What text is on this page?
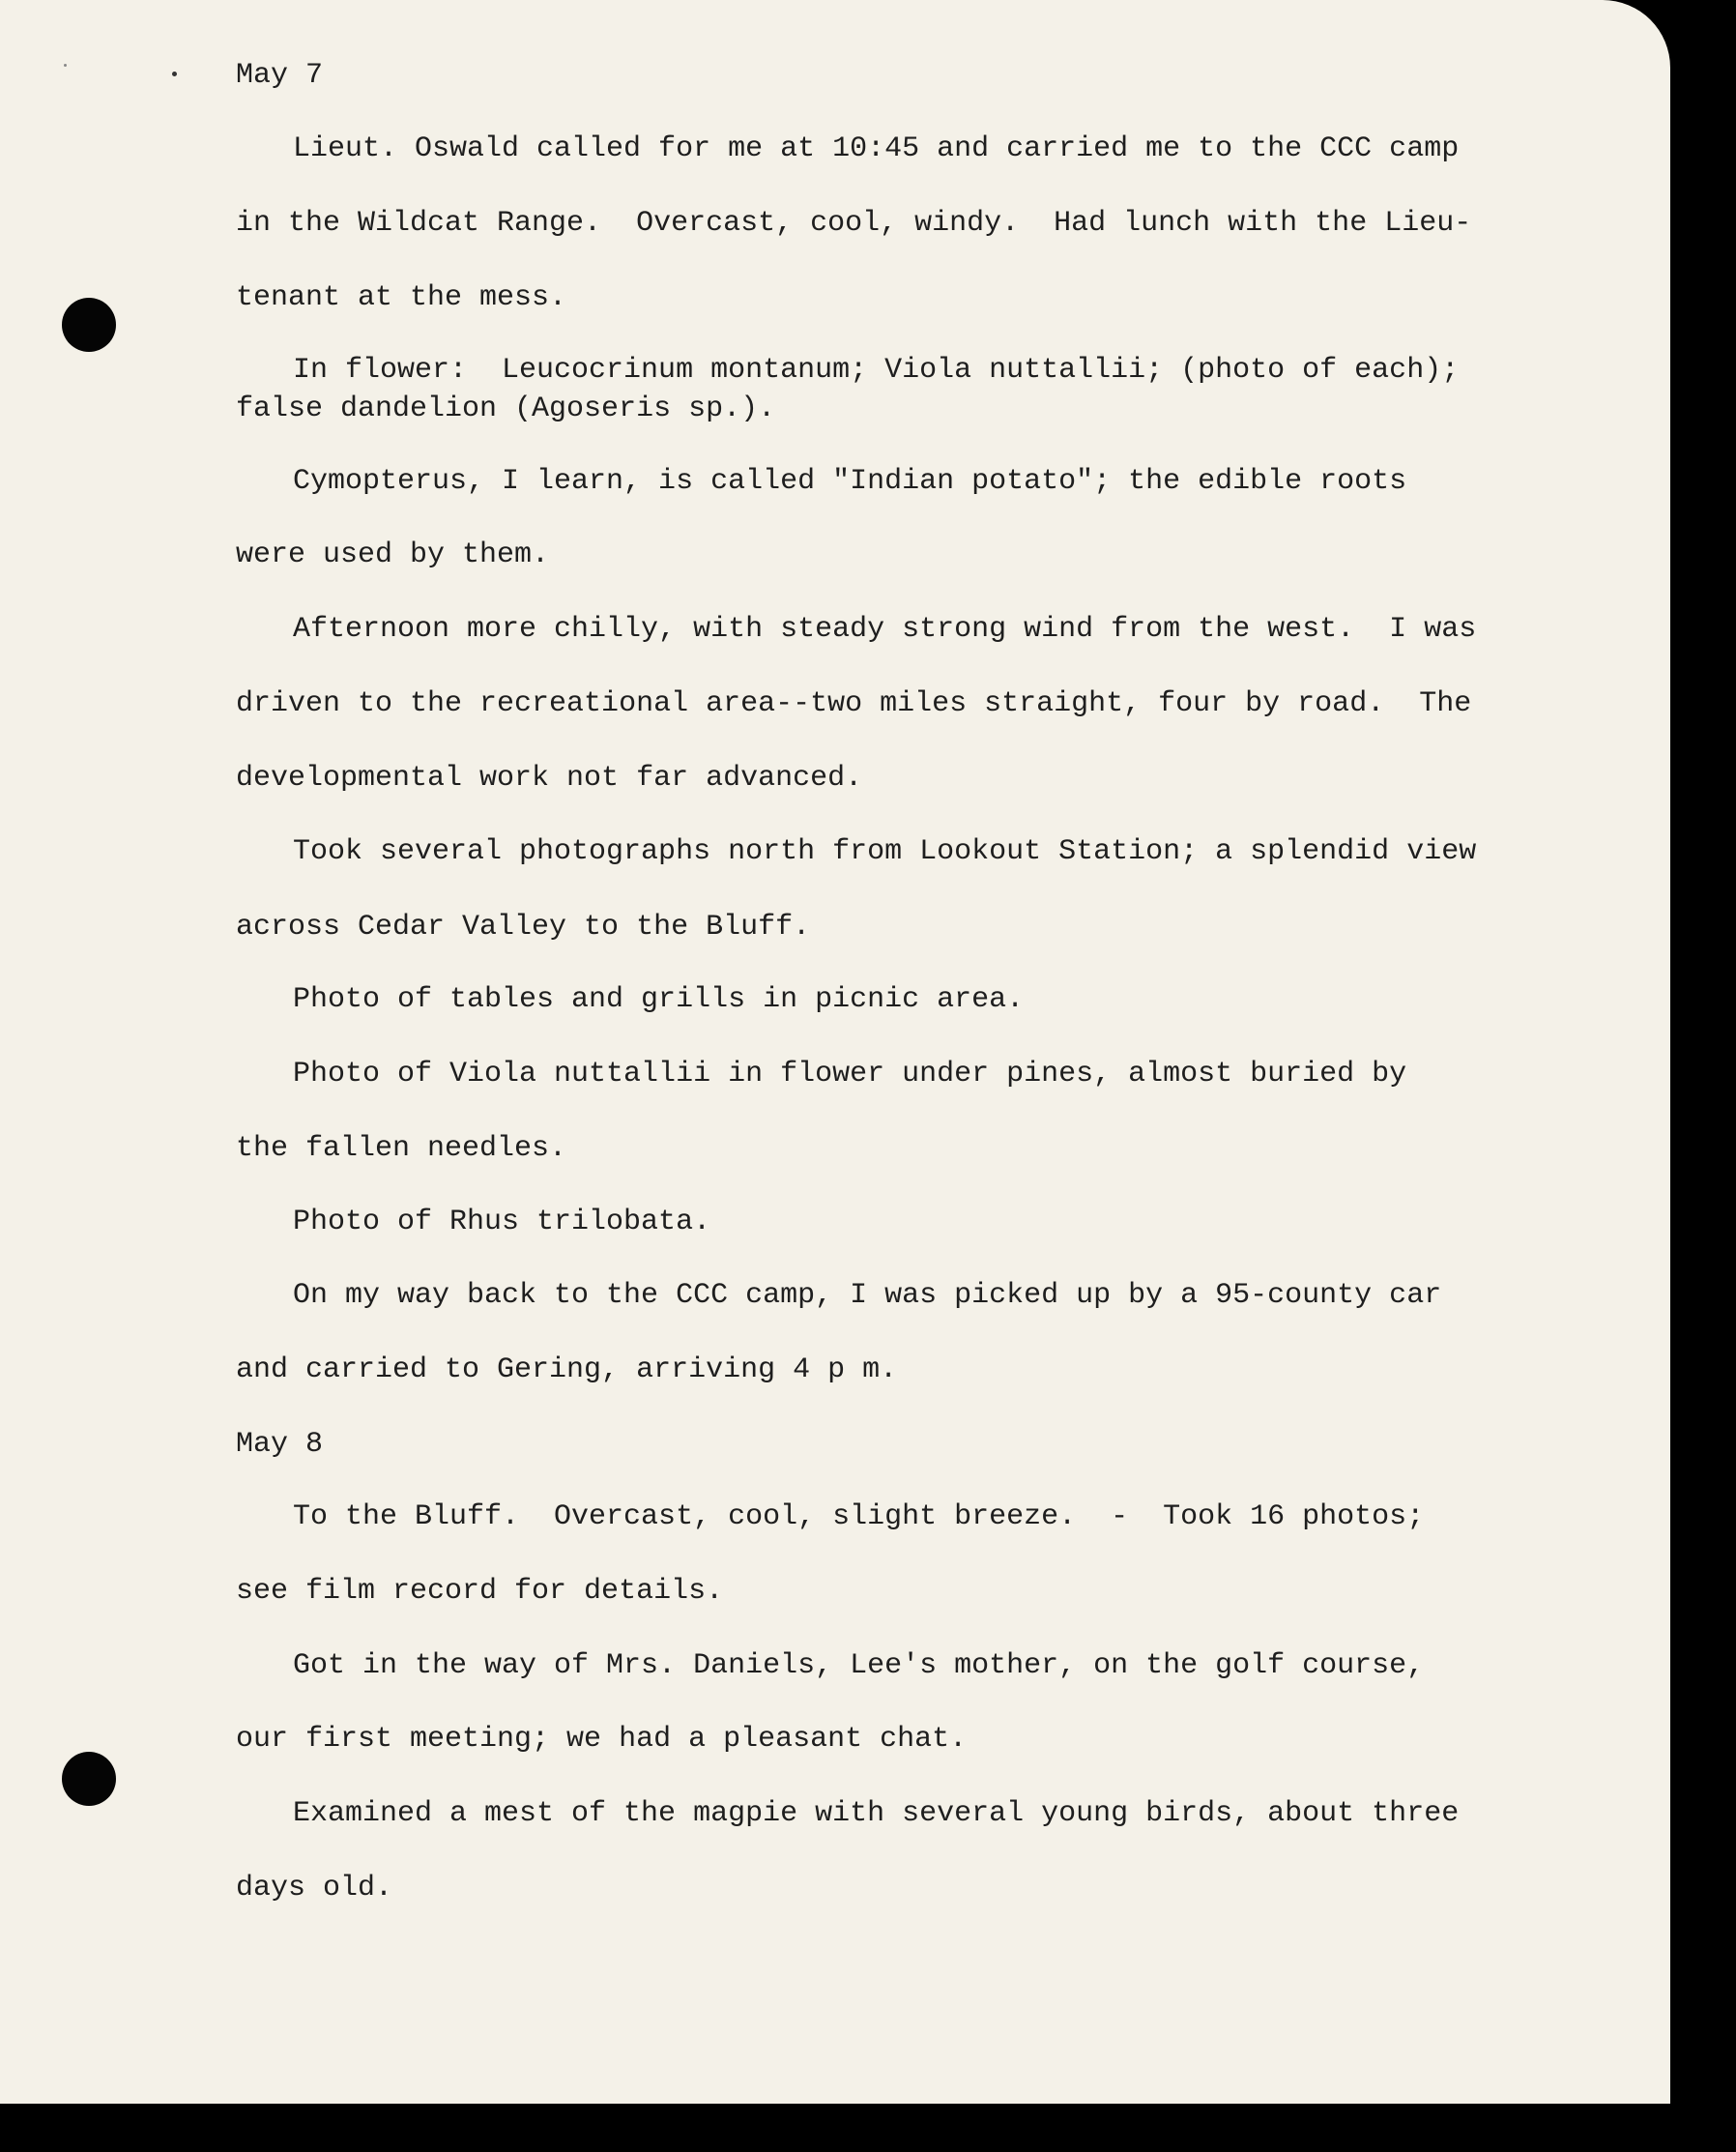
May 7

Lieut. Oswald called for me at 10:45 and carried me to the CCC camp

in the Wildcat Range.  Overcast, cool, windy.  Had lunch with the Lieu-

tenant at the mess.

In flower:  Leucocrinum montanum; Viola nuttallii; (photo of each);

false dandelion (Agoseris sp.).

Cymopterus, I learn, is called "Indian potato"; the edible roots

were used by them.

Afternoon more chilly, with steady strong wind from the west.  I was

driven to the recreational area--two miles straight, four by road.  The

developmental work not far advanced.

Took several photographs north from Lookout Station; a splendid view

across Cedar Valley to the Bluff.

Photo of tables and grills in picnic area.

Photo of Viola nuttallii in flower under pines, almost buried by

the fallen needles.

Photo of Rhus trilobata.

On my way back to the CCC camp, I was picked up by a 95-county car

and carried to Gering, arriving 4 p m.

May 8

To the Bluff.  Overcast, cool, slight breeze.  -  Took 16 photos;

see film record for details.

Got in the way of Mrs. Daniels, Lee's mother, on the golf course,

our first meeting; we had a pleasant chat.

Examined a mest of the magpie with several young birds, about three

days old.
